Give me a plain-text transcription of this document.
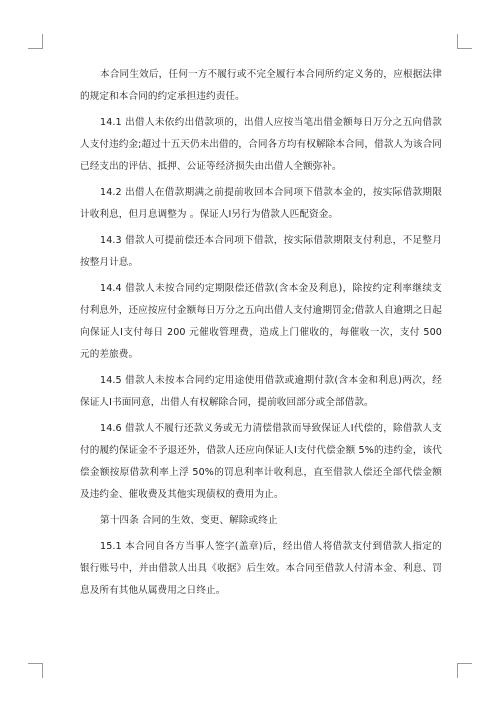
本合同生效后，任何一方不履行或不完全履行本合同所约定义务的，应根据法律的规定和本合同的约定承担违约责任。

14.1 出借人未依约出借款项的，出借人应按当笔出借金额每日万分之五向借款人支付违约金;超过十五天仍未出借的，合同各方均有权解除本合同，借款人为该合同已经支出的评估、抵押、公证等经济损失由出借人全额弥补。

14.2 出借人在借款期满之前提前收回本合同项下借款本金的，按实际借款期限计收利息，但月息调整为 。保证人I另行为借款人匹配资金。

14.3 借款人可提前偿还本合同项下借款，按实际借款期限支付利息，不足整月按整月计息。

14.4 借款人未按合同约定期限偿还借款(含本金及利息)，除按约定利率继续支付利息外，还应按应付金额每日万分之五向出借人支付逾期罚金;借款人自逾期之日起向保证人I支付每日 200 元催收管理费，造成上门催收的，每催收一次，支付 500 元的差旅费。

14.5 借款人未按本合同约定用途使用借款或逾期付款(含本金和利息)两次，经保证人I书面同意，出借人有权解除合同，提前收回部分或全部借款。

14.6 借款人不履行还款义务或无力清偿借款而导致保证人I代偿的，除借款人支付的履约保证金不予退还外，借款人还应向保证人I支付代偿金额 5%的违约金，该代偿金额按原借款利率上浮 50%的罚息利率计收利息，直至借款人偿还全部代偿金额及违约金、催收费及其他实现债权的费用为止。

第十四条 合同的生效、变更、解除或终止

15.1 本合同自各方当事人签字(盖章)后，经出借人将借款支付到借款人指定的银行账号中，并由借款人出具《收据》后生效。本合同至借款人付清本金、利息、罚息及所有其他从属费用之日终止。
